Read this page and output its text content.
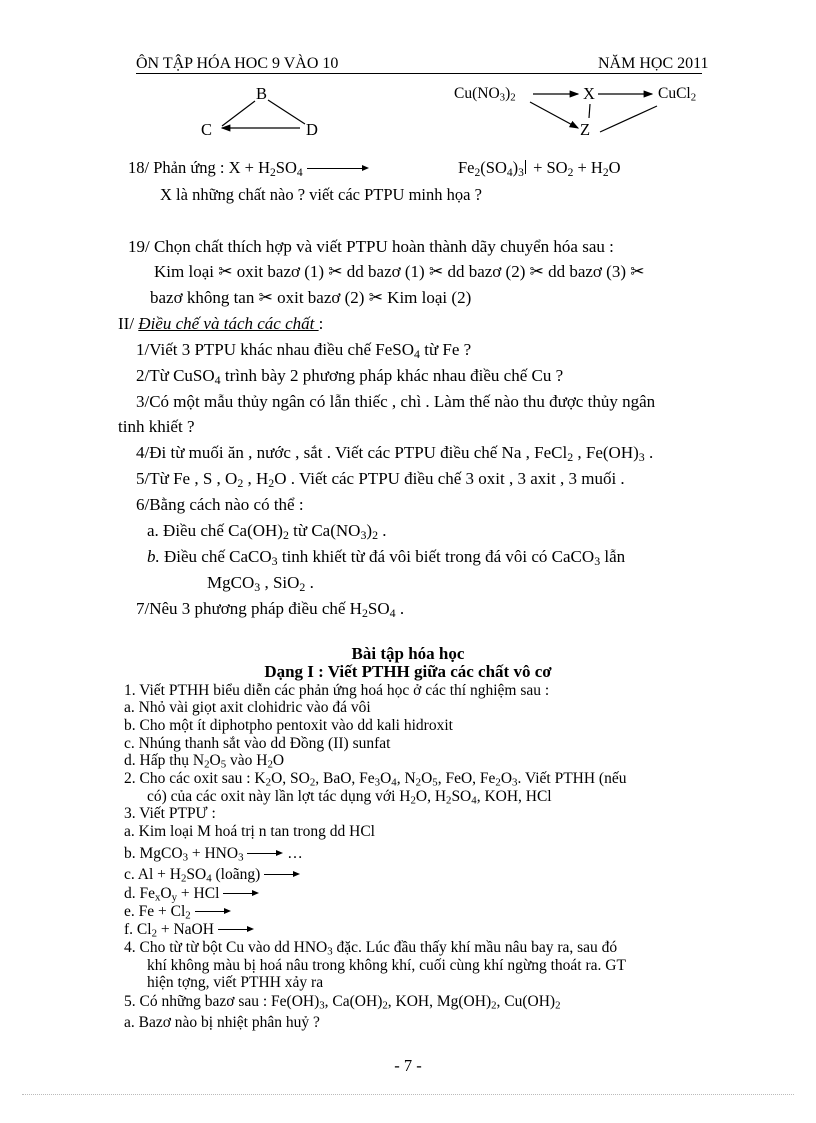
ÔN TẬP HÓA HOC 9 VÀO 10	NĂM HỌC 2011
B
C	D
$Cu(NO_3)_2$	X	CuCl$_2$
Z
18/ Phản ứng : $X + H_2SO_4$	$Fe_2(SO_4)_3 + SO_2 + H_2O$
X là những chất nào ? viết các PTPU minh họa ?
19/ Chọn chất thích hợp và viết PTPU hoàn thành dãy chuyển hóa sau :
Kim loại ✂ oxit bazơ (1) ✂ dd bazơ (1) ✂ dd bazơ (2) ✂ dd bazơ (3) ✂
bazơ không tan ✂ oxit bazơ (2) ✂ Kim loại (2)
II/ Điều chế và tách các chất :
1/Viết 3 PTPU khác nhau điều chế FeSO$_4$ từ Fe ?
2/Từ CuSO$_4$ trình bày 2 phương pháp khác nhau điều chế Cu ?
3/Có một mẫu thủy ngân có lẫn thiếc , chì . Làm thế nào thu được thủy ngân
tinh khiết ?
4/Đi từ muối ăn , nước , sắt . Viết các PTPU điều chế Na , FeCl$_2$ , $Fe(OH)_3$ .
5/Từ Fe , S , $O_2$ , $H_2O$ . Viết các PTPU điều chế 3 oxit , 3 axit , 3 muối .
6/Bằng cách nào có thể :
a. Điều chế $Ca(OH)_2$ từ $Ca(NO_3)_2$ .
b. Điều chế CaCO$_3$ tinh khiết từ đá vôi biết trong đá vôi có CaCO$_3$ lẫn
MgCO$_3$ , SiO$_2$ .
7/Nêu 3 phương pháp điều chế $H_2SO_4$ .
Bài tập hóa học
Dạng I : Viết PTHH giữa các chất vô cơ
1. Viết PTHH biểu diễn các phản ứng hoá học ở các thí nghiệm sau :
a. Nhỏ vài giọt axit clohidric vào đá vôi
b. Cho một ít diphotpho pentoxit vào dd kali hidroxit
c. Nhúng thanh sắt vào dd Đồng (II) sunfat
d. Hấp thụ $N_2O_5$ vào $H_2O$
2. Cho các oxit sau : $K_2O$, $SO_2$, BaO, $Fe_3O_4$, $N_2O_5$, FeO, $Fe_2O_3$. Viết PTHH (nếu
có) của các oxit này lần lợt tác dụng với $H_2O$, $H_2SO_4$, KOH, HCl
3. Viết PTPƯ :
a. Kim loại M hoá trị n tan trong dd HCl
b. MgCO$_3$ + $HNO_3$	…
c. $Al + H_2SO_4$ (loãng)
d. $Fe_xO_y$ + HCl
e. $Fe + Cl_2$
f. $Cl_2$ + NaOH
4. Cho từ từ bột Cu vào dd $HNO_3$ đặc. Lúc đầu thấy khí mầu nâu bay ra, sau đó
khí không màu bị hoá nâu trong không khí, cuối cùng khí ngừng thoát ra. GT
hiện tợng, viết PTHH xảy ra
5. Có những bazơ sau : $Fe(OH)_3$, $Ca(OH)_2$, KOH, $Mg(OH)_2$, $Cu(OH)_2$
a. Bazơ nào bị nhiệt phân huỷ ?
- 7 -
